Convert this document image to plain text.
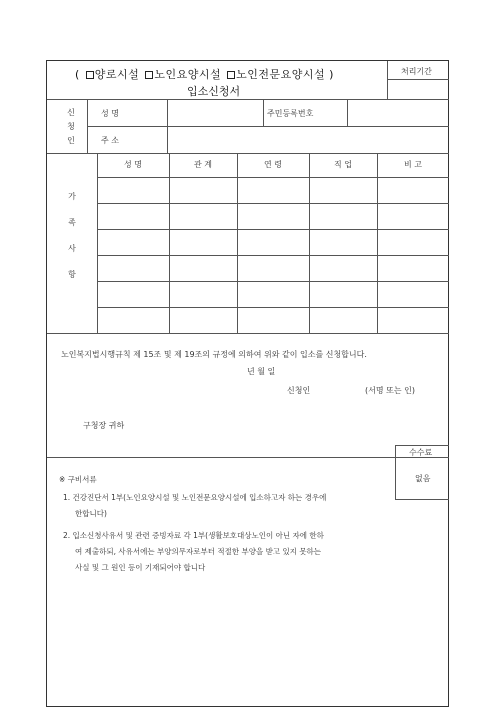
( 양로시설 노인요양시설 노인전문요양시설 )
입소신청서
처리기간
신
청
인
성 명	주민등록번호
주 소
가
족
사
항
성 명	관 계	연 령	직 업	비 고
노인복지법시행규칙 제 15조 및 제 19조의 규정에 의하여 위와 같이 입소를 신청합니다.
년 월 일
신청인	(서명 또는 인)
구청장 귀하
수수료
없음
※ 구비서류
1. 건강진단서 1부(노인요양시설 및 노인전문요양시설에 입소하고자 하는 경우에
한합니다)
2. 입소신청사유서 및 관련 증빙자료 각 1부(생활보호대상노인이 아닌 자에 한하
여 제출하되, 사유서에는 부양의무자로부터 적절한 부양을 받고 있지 못하는
사실 및 그 원인 등이 기재되어야 합니다
